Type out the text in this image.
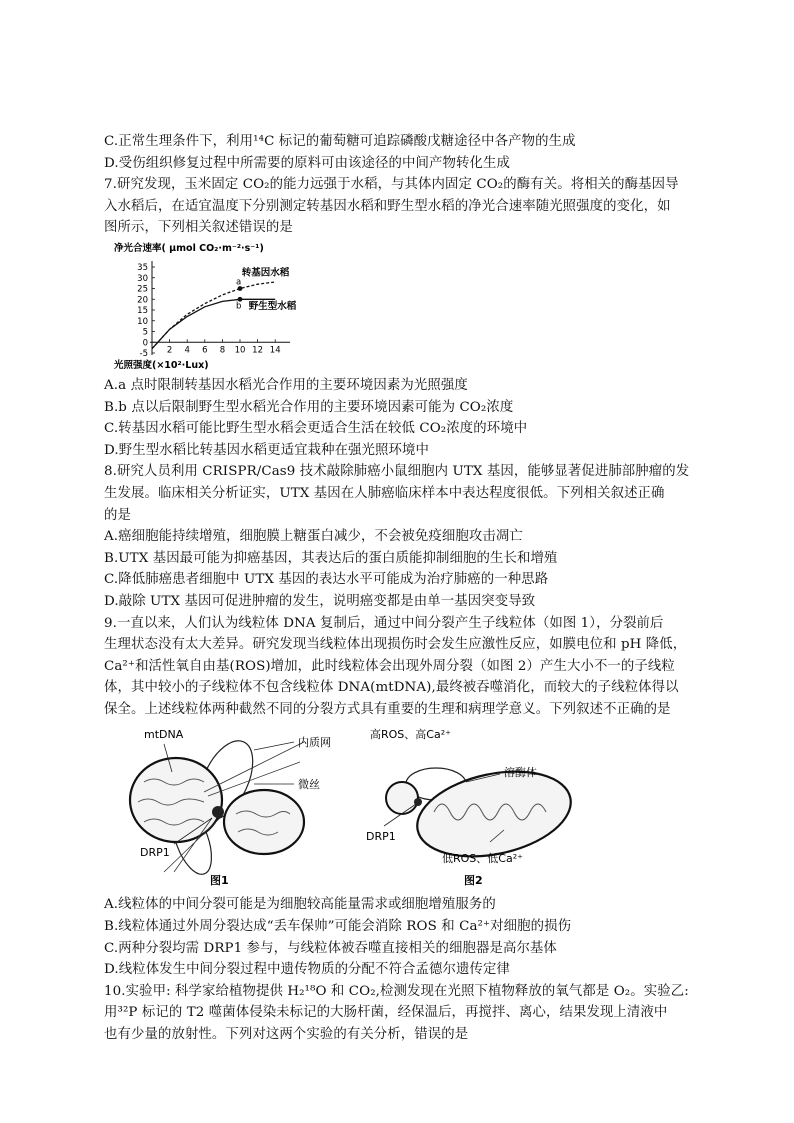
C.正常生理条件下，利用¹⁴C 标记的葡萄糖可追踪磷酸戊糖途径中各产物的生成
D.受伤组织修复过程中所需要的原料可由该途径的中间产物转化生成
7.研究发现，玉米固定 CO₂的能力远强于水稻，与其体内固定 CO₂的酶有关。将相关的酶基因导
入水稻后，在适宜温度下分别测定转基因水稻和野生型水稻的净光合速率随光照强度的变化，如
图所示，下列相关叙述错误的是
净光合速率( μmol CO₂·m⁻²·s⁻¹)
-5
0
5
10
15
20
25
30
35
2 4 6 8 10 12 14
光照强度(×10²·Lux)
转基因水稻
野生型水稻
a
b
A.a 点时限制转基因水稻光合作用的主要环境因素为光照强度
B.b 点以后限制野生型水稻光合作用的主要环境因素可能为 CO₂浓度
C.转基因水稻可能比野生型水稻会更适合生活在较低 CO₂浓度的环境中
D.野生型水稻比转基因水稻更适宜栽种在强光照环境中
8.研究人员利用 CRISPR/Cas9 技术敲除肺癌小鼠细胞内 UTX 基因，能够显著促进肺部肿瘤的发
生发展。临床相关分析证实，UTX 基因在人肺癌临床样本中表达程度很低。下列相关叙述正确
的是
A.癌细胞能持续增殖，细胞膜上糖蛋白减少，不会被免疫细胞攻击凋亡
B.UTX 基因最可能为抑癌基因，其表达后的蛋白质能抑制细胞的生长和增殖
C.降低肺癌患者细胞中 UTX 基因的表达水平可能成为治疗肺癌的一种思路
D.敲除 UTX 基因可促进肿瘤的发生，说明癌变都是由单一基因突变导致
9.一直以来，人们认为线粒体 DNA 复制后，通过中间分裂产生子线粒体（如图 1），分裂前后
生理状态没有太大差异。研究发现当线粒体出现损伤时会发生应激性反应，如膜电位和 pH 降低，
Ca²⁺和活性氧自由基(ROS)增加，此时线粒体会出现外周分裂（如图 2）产生大小不一的子线粒
体，其中较小的子线粒体不包含线粒体 DNA(mtDNA),最终被吞噬消化，而较大的子线粒体得以
保全。上述线粒体两种截然不同的分裂方式具有重要的生理和病理学意义。下列叙述不正确的是
mtDNA
内质网
微丝
DRP1
图1
高ROS、高Ca²⁺
溶酶体
DRP1
低ROS、低Ca²⁺
图2
A.线粒体的中间分裂可能是为细胞较高能量需求或细胞增殖服务的
B.线粒体通过外周分裂达成“丢车保帅”可能会消除 ROS 和 Ca²⁺对细胞的损伤
C.两种分裂均需 DRP1 参与，与线粒体被吞噬直接相关的细胞器是高尔基体
D.线粒体发生中间分裂过程中遗传物质的分配不符合孟德尔遗传定律
10.实验甲: 科学家给植物提供 H₂¹⁸O 和 CO₂,检测发现在光照下植物释放的氧气都是 O₂。实验乙:
用³²P 标记的 T2 噬菌体侵染未标记的大肠杆菌，经保温后，再搅拌、离心，结果发现上清液中
也有少量的放射性。下列对这两个实验的有关分析，错误的是
